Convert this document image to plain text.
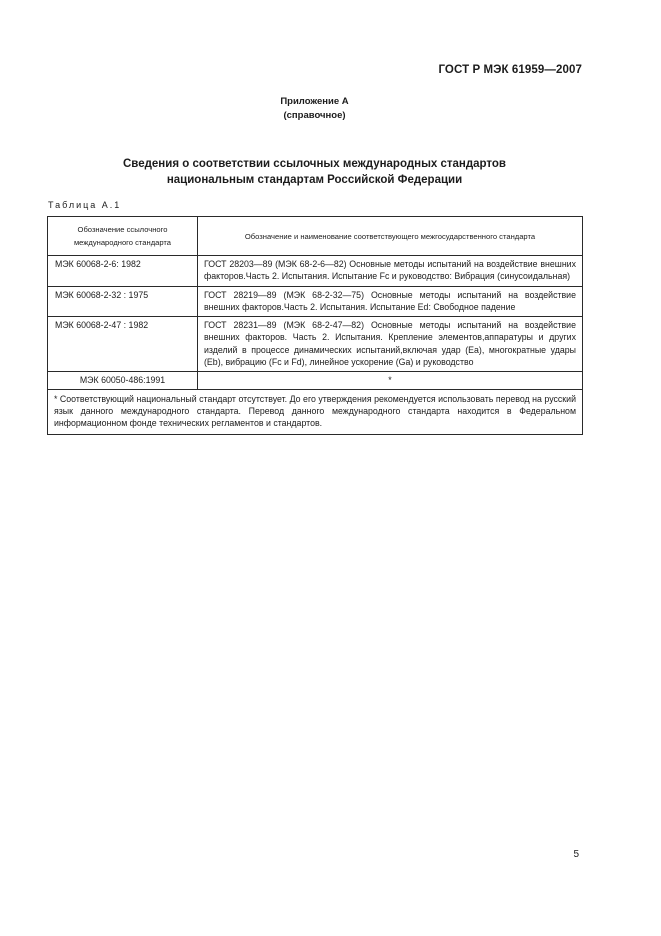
ГОСТ Р МЭК 61959—2007
Приложение А
(справочное)
Сведения о соответствии ссылочных международных стандартов
национальным стандартам Российской Федерации
Таблица А.1
Обозначение ссылочного международного стандарта	Обозначение и наименование соответствующего межгосударственного стандарта
МЭК 60068-2-6: 1982	ГОСТ 28203—89 (МЭК 68-2-6—82) Основные методы испытаний на воздействие внешних факторов.Часть 2. Испытания. Испытание Fc и руководство: Вибрация (синусоидальная)
МЭК 60068-2-32 : 1975	ГОСТ 28219—89 (МЭК 68-2-32—75) Основные методы испытаний на воздействие внешних факторов.Часть 2. Испытания. Испытание Ed: Свободное падение
МЭК 60068-2-47 : 1982	ГОСТ 28231—89 (МЭК 68-2-47—82) Основные методы испытаний на воздействие внешних факторов. Часть 2. Испытания. Крепление элементов,аппаратуры и других изделий в процессе динамических испытаний,включая удар (Ea), многократные удары (Eb), вибрацию (Fc и Fd), линейное ускорение (Ga) и руководство
МЭК 60050-486:1991	*
* Соответствующий национальный стандарт отсутствует. До его утверждения рекомендуется использовать перевод на русский язык данного международного стандарта. Перевод данного международного стандарта находится в Федеральном информационном фонде технических регламентов и стандартов.	
5
